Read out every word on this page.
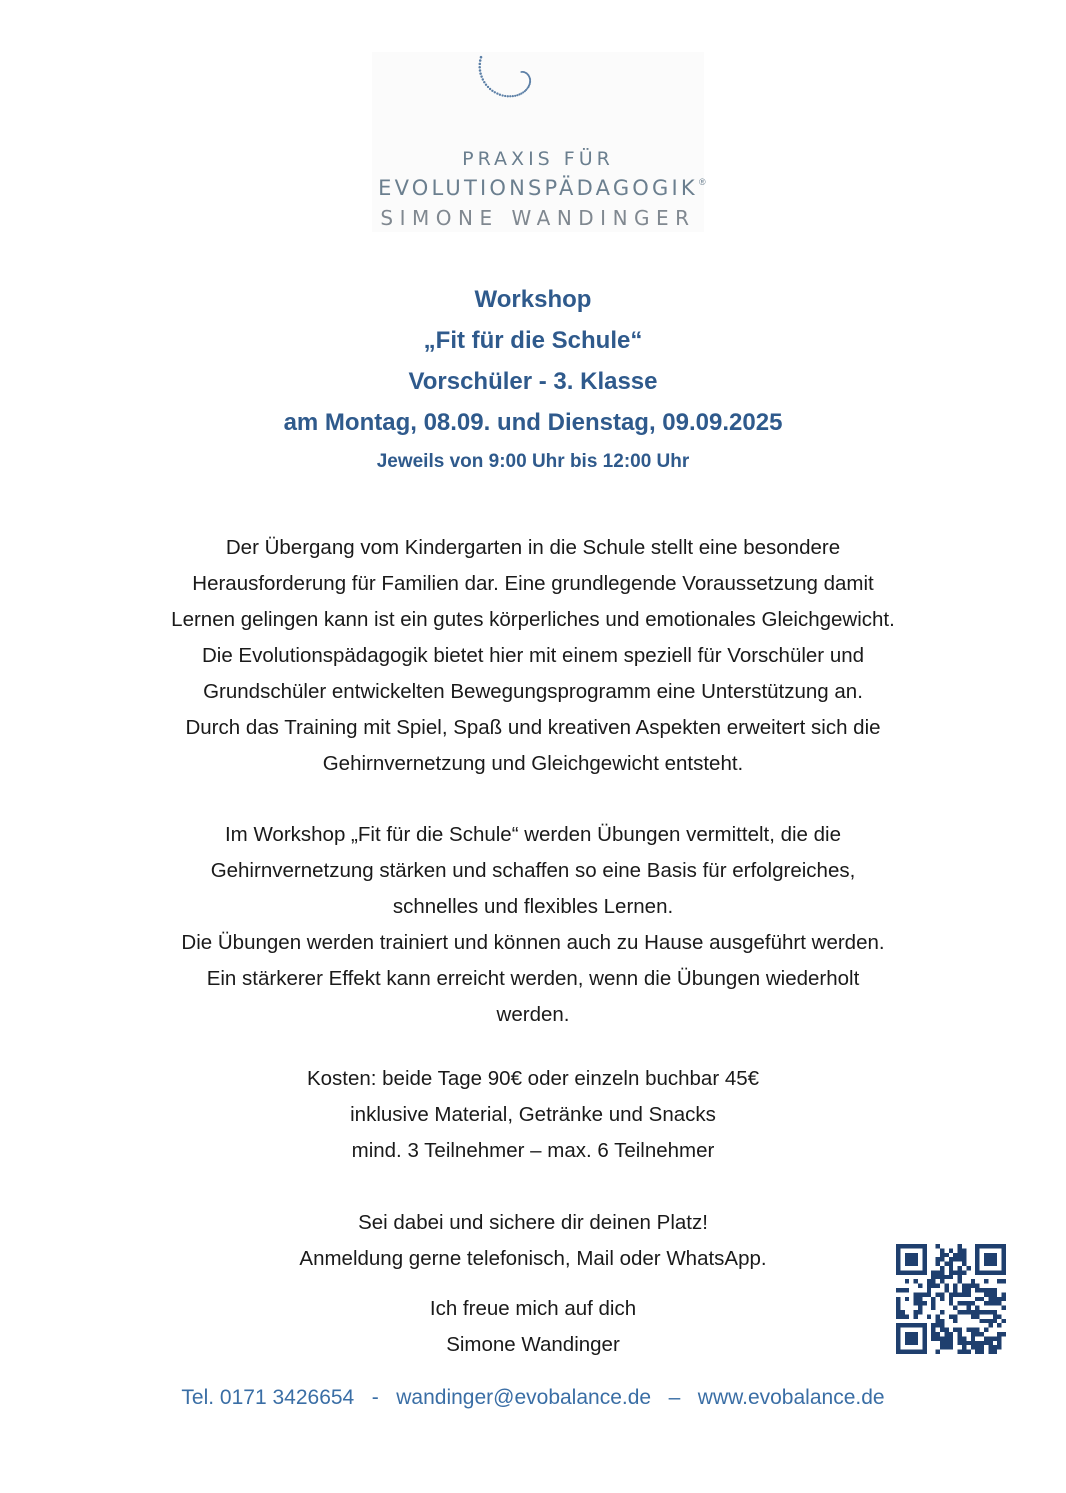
PRAXIS FÜR
EVOLUTIONSPÄDAGOGIK ®
SIMONE WANDINGER
Workshop
„Fit für die Schule“
Vorschüler - 3. Klasse
am Montag, 08.09. und Dienstag, 09.09.2025
Jeweils von 9:00 Uhr bis 12:00 Uhr

Der Übergang vom Kindergarten in die Schule stellt eine besondere

Herausforderung für Familien dar. Eine grundlegende Voraussetzung damit

Lernen gelingen kann ist ein gutes körperliches und emotionales Gleichgewicht.

Die Evolutionspädagogik bietet hier mit einem speziell für Vorschüler und

Grundschüler entwickelten Bewegungsprogramm eine Unterstützung an.

Durch das Training mit Spiel, Spaß und kreativen Aspekten erweitert sich die

Gehirnvernetzung und Gleichgewicht entsteht.

Im Workshop „Fit für die Schule“ werden Übungen vermittelt, die die

Gehirnvernetzung stärken und schaffen so eine Basis für erfolgreiches,

schnelles und flexibles Lernen.

Die Übungen werden trainiert und können auch zu Hause ausgeführt werden.

Ein stärkerer Effekt kann erreicht werden, wenn die Übungen wiederholt

werden.

Kosten: beide Tage 90€ oder einzeln buchbar 45€

inklusive Material, Getränke und Snacks

mind. 3 Teilnehmer – max. 6 Teilnehmer

Sei dabei und sichere dir deinen Platz!

Anmeldung gerne telefonisch, Mail oder WhatsApp.

Ich freue mich auf dich

Simone Wandinger

Tel. 0171 3426654   -   wandinger@evobalance.de   –   www.evobalance.de
